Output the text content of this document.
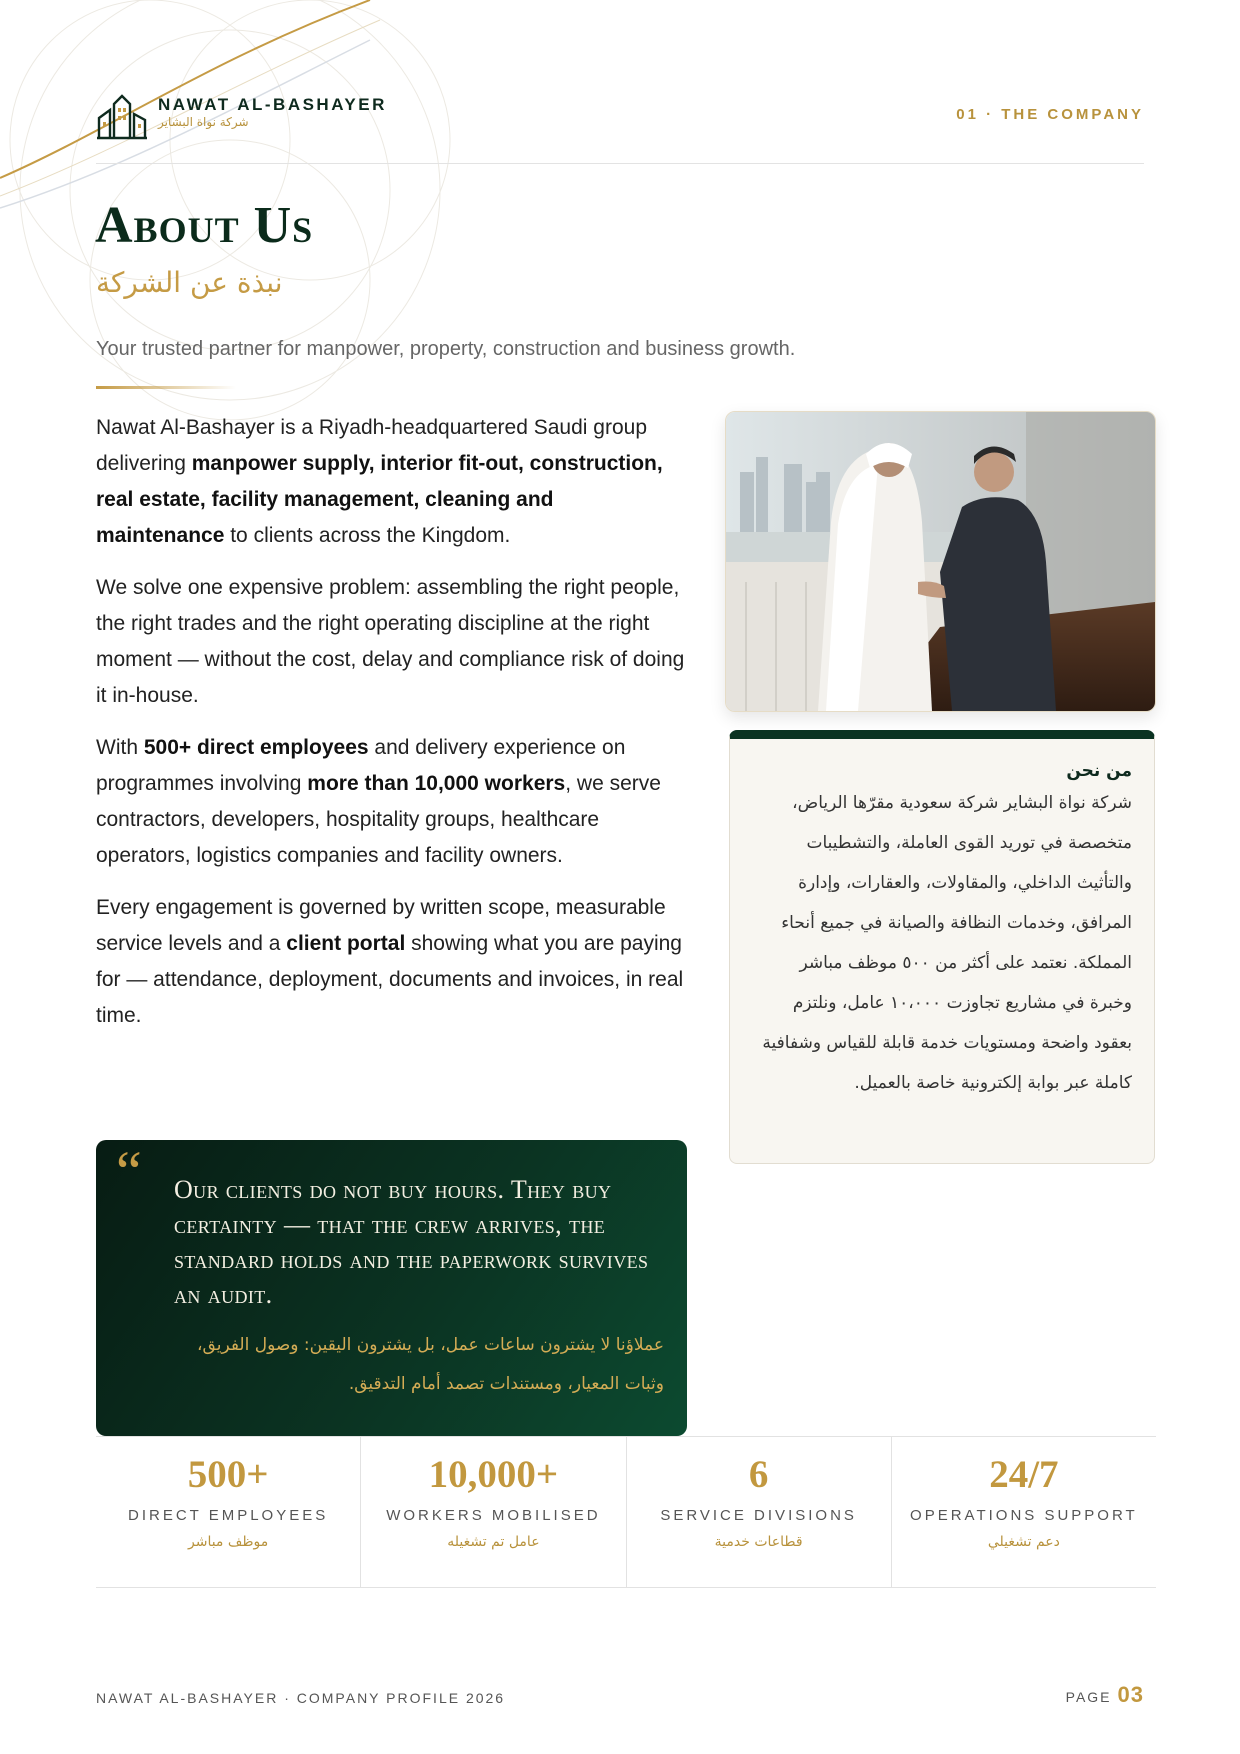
NAWAT AL-BASHAYER
شركة نواة البشاير	01 · THE COMPANY
About Us
نبذة عن الشركة
Your trusted partner for manpower, property, construction and business growth.

Nawat Al-Bashayer is a Riyadh-headquartered Saudi group delivering manpower supply, interior fit-out, construction, real estate, facility management, cleaning and maintenance to clients across the Kingdom.

We solve one expensive problem: assembling the right people, the right trades and the right operating discipline at the right moment — without the cost, delay and compliance risk of doing it in-house.

With 500+ direct employees and delivery experience on programmes involving more than 10,000 workers, we serve contractors, developers, hospitality groups, healthcare operators, logistics companies and facility owners.

Every engagement is governed by written scope, measurable service levels and a client portal showing what you are paying for — attendance, deployment, documents and invoices, in real time.

من نحن
شركة نواة البشاير شركة سعودية مقرّها الرياض، متخصصة في توريد القوى العاملة، والتشطيبات والتأثيث الداخلي، والمقاولات، والعقارات، وإدارة المرافق، وخدمات النظافة والصيانة في جميع أنحاء المملكة. نعتمد على أكثر من ٥٠٠ موظف مباشر وخبرة في مشاريع تجاوزت ١٠،٠٠٠ عامل، ونلتزم بعقود واضحة ومستويات خدمة قابلة للقياس وشفافية كاملة عبر بوابة إلكترونية خاصة بالعميل.
“ Our clients do not buy hours. They buy certainty — that the crew arrives, the standard holds and the paperwork survives an audit.
عملاؤنا لا يشترون ساعات عمل، بل يشترون اليقين: وصول الفريق، وثبات المعيار، ومستندات تصمد أمام التدقيق.
500+
DIRECT EMPLOYEES
موظف مباشر
10,000+
WORKERS MOBILISED
عامل تم تشغيله
6
SERVICE DIVISIONS
قطاعات خدمية
24/7
OPERATIONS SUPPORT
دعم تشغيلي
NAWAT AL-BASHAYER · COMPANY PROFILE 2026	PAGE 03
